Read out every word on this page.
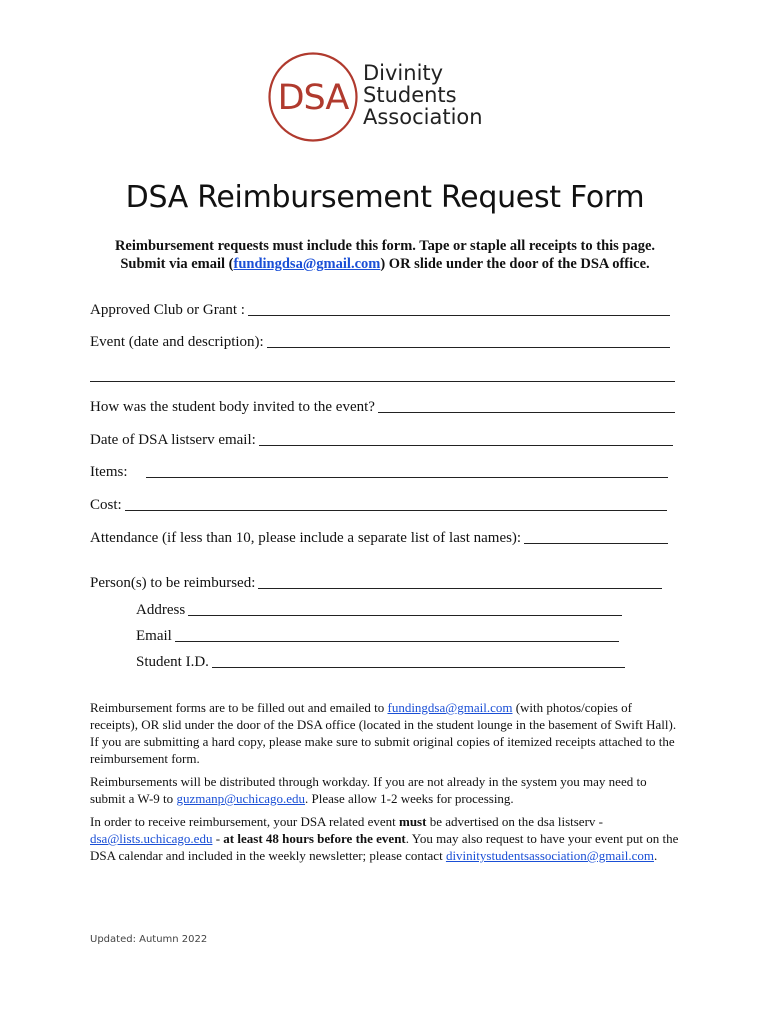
DSA
Divinity
Students
Association
DSA Reimbursement Request Form
Reimbursement requests must include this form. Tape or staple all receipts to this page.
Submit via email (fundingdsa@gmail.com) OR slide under the door of the DSA office.
Approved Club or Grant :
Event (date and description):
How was the student body invited to the event?
Date of DSA listserv email:
Items:
Cost:
Attendance (if less than 10, please include a separate list of last names):
Person(s) to be reimbursed:
Address
Email
Student I.D.
Reimbursement forms are to be filled out and emailed to fundingdsa@gmail.com (with photos/copies of receipts), OR slid under the door of the DSA office (located in the student lounge in the basement of Swift Hall). If you are submitting a hard copy, please make sure to submit original copies of itemized receipts attached to the reimbursement form.
Reimbursements will be distributed through workday. If you are not already in the system you may need to submit a W-9 to guzmanp@uchicago.edu. Please allow 1-2 weeks for processing.
In order to receive reimbursement, your DSA related event must be advertised on the dsa listserv - dsa@lists.uchicago.edu - at least 48 hours before the event. You may also request to have your event put on the DSA calendar and included in the weekly newsletter; please contact divinitystudentsassociation@gmail.com.
Updated: Autumn 2022
